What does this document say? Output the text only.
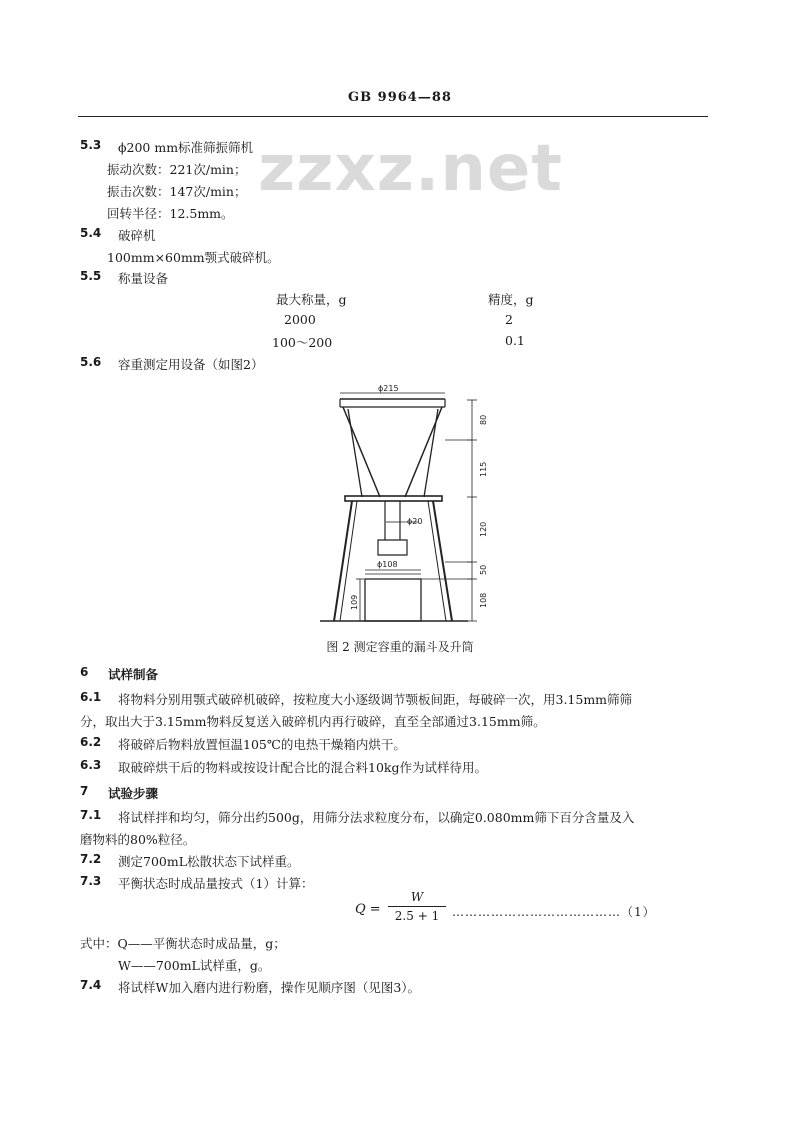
GB 9964—88
zzxz.net
5.3 ϕ200 mm标准筛振筛机
振动次数：221次/min；
振击次数：147次/min；
回转半径：12.5mm。
5.4 破碎机
100mm×60mm颚式破碎机。
5.5 称量设备
最大称量，g	精度，g
2000	2
100～200	0.1
5.6 容重测定用设备（如图2）
ϕ215
ϕ20
ϕ108
80
115
120
50
108
109
图 2 测定容重的漏斗及升筒
6 试样制备
6.1 将物料分别用颚式破碎机破碎，按粒度大小逐级调节颚板间距，每破碎一次，用3.15mm筛筛
分，取出大于3.15mm物料反复送入破碎机内再行破碎，直至全部通过3.15mm筛。
6.2 将破碎后物料放置恒温105℃的电热干燥箱内烘干。
6.3 取破碎烘干后的物料或按设计配合比的混合料10kg作为试样待用。
7 试验步骤
7.1 将试样拌和均匀，筛分出约500g，用筛分法求粒度分布，以确定0.080mm筛下百分含量及入
磨物料的80%粒径。
7.2 测定700mL松散状态下试样重。
7.3 平衡状态时成品量按式（1）计算：
Q =
W
2.5 + 1	…………………………………（1）
式中：Q——平衡状态时成品量，g；
W——700mL试样重，g。
7.4 将试样W加入磨内进行粉磨，操作见顺序图（见图3）。
